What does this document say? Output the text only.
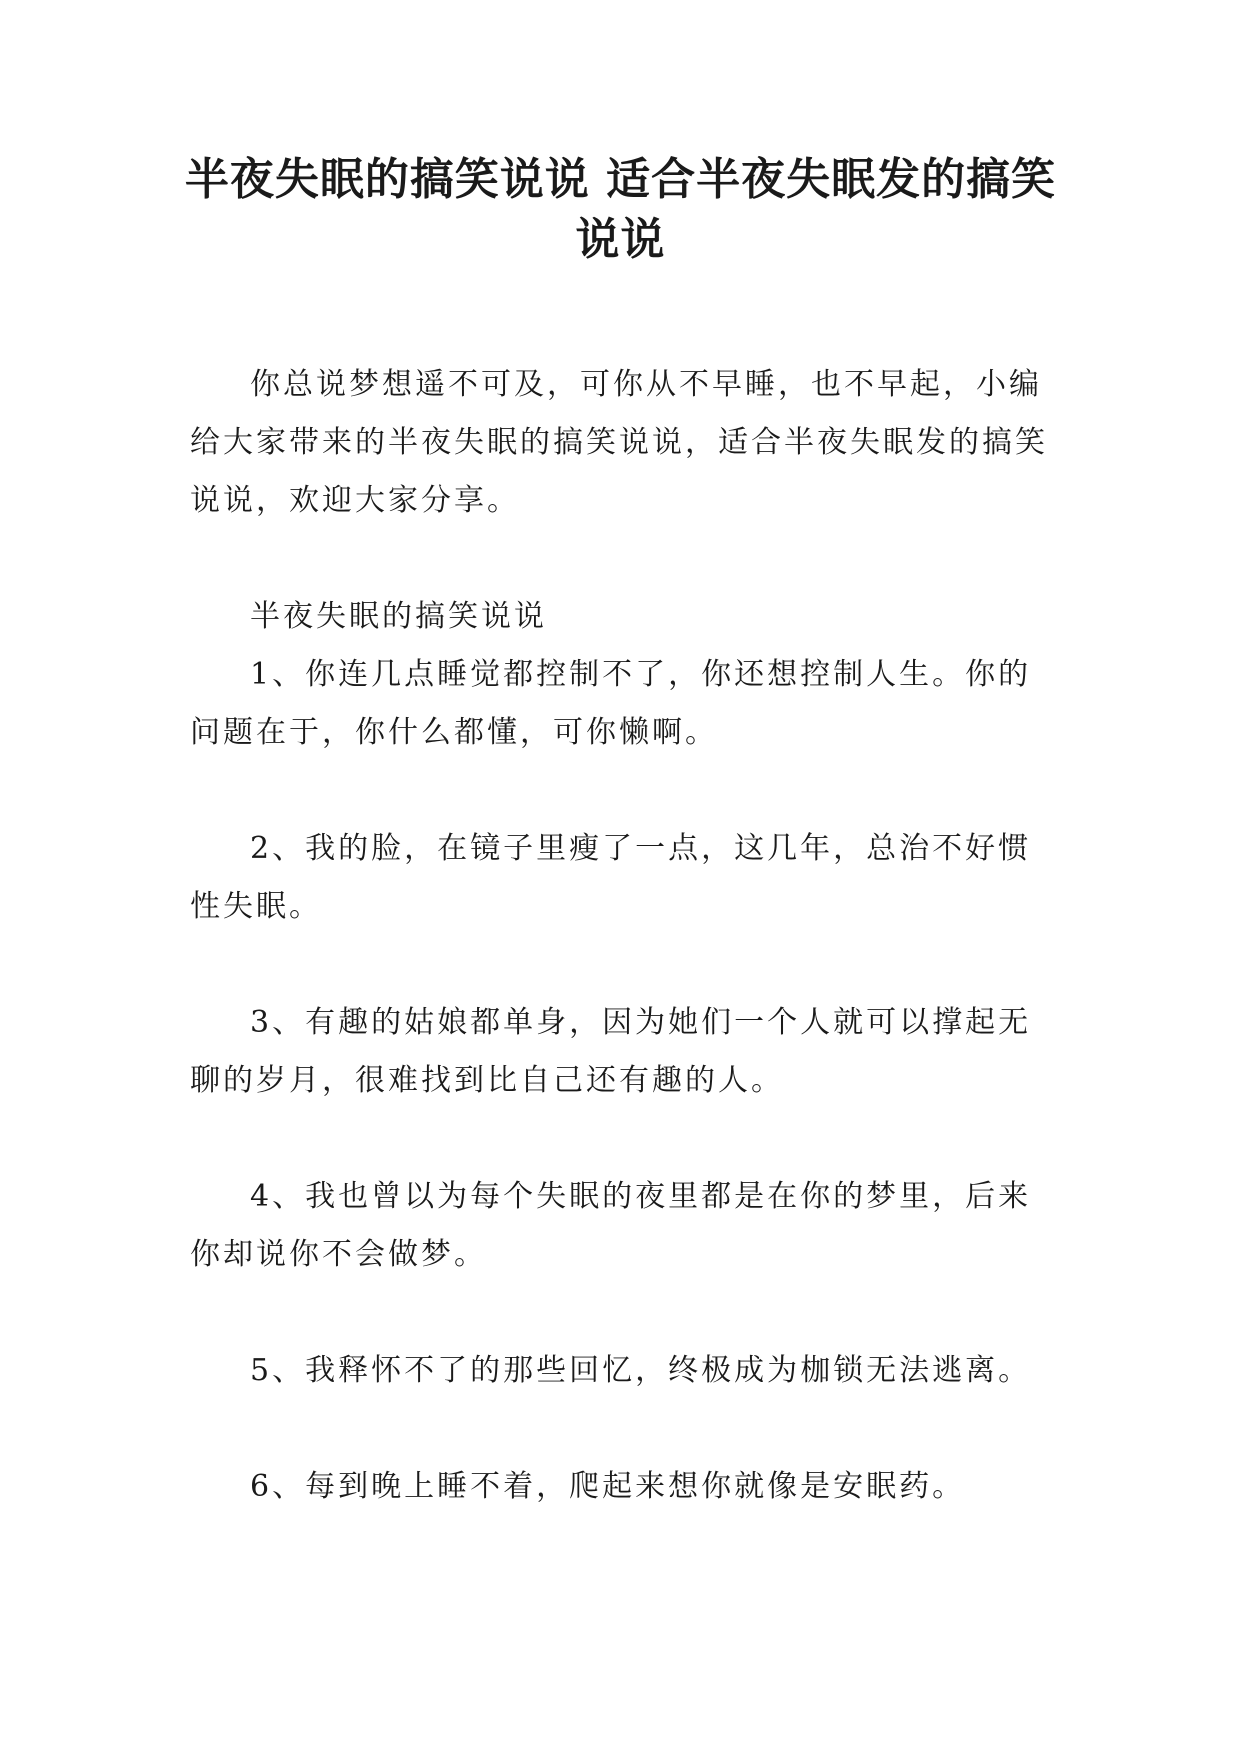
半夜失眠的搞笑说说 适合半夜失眠发的搞笑说说

你总说梦想遥不可及，可你从不早睡，也不早起，小编给大家带来的半夜失眠的搞笑说说，适合半夜失眠发的搞笑说说，欢迎大家分享。

半夜失眠的搞笑说说

1、你连几点睡觉都控制不了，你还想控制人生。你的问题在于，你什么都懂，可你懒啊。

2、我的脸，在镜子里瘦了一点，这几年，总治不好惯性失眠。

3、有趣的姑娘都单身，因为她们一个人就可以撑起无聊的岁月，很难找到比自己还有趣的人。

4、我也曾以为每个失眠的夜里都是在你的梦里，后来你却说你不会做梦。

5、我释怀不了的那些回忆，终极成为枷锁无法逃离。

6、每到晚上睡不着，爬起来想你就像是安眠药。
